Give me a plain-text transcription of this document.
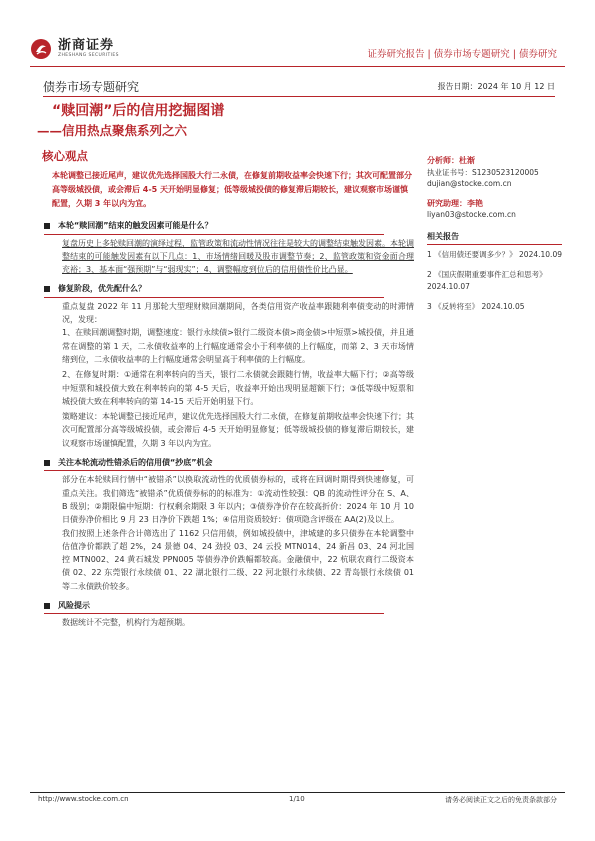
浙商证券
ZHESHANG SECURITIES	证券研究报告 | 债券市场专题研究 | 债券研究
债券市场专题研究	报告日期：2024 年 10 月 12 日
“赎回潮”后的信用挖掘图谱
——信用热点聚焦系列之六
核心观点
本轮调整已接近尾声，建议优先选择国股大行二永债，在修复前期收益率会快速下行；其次可配置部分高等级城投债，或会滞后 4-5 天开始明显修复；低等级城投债的修复滞后期较长，建议观察市场谨慎配置，久期 3 年以内为宜。
本轮“赎回潮”结束的触发因素可能是什么？
复盘历史上多轮赎回潮的演绎过程，监管政策和流动性情况往往是较大的调整结束触发因素。本轮调整结束的可能触发因素有以下几点：1、市场情绪回暖及股市调整节奏；2、监管政策和资金面合理充裕；3、基本面“强预期”与“弱现实”；4、调整幅度到位后的信用债性价比凸显。
修复阶段，优先配什么？
重点复盘 2022 年 11 月那轮大型理财赎回潮期间，各类信用资产收益率跟随利率债变动的时滞情况，发现：
1、在赎回潮调整时期，调整速度：银行永续债>银行二级资本债>商金债>中短票>城投债，并且通常在调整的第 1 天，二永债收益率的上行幅度通常会小于利率债的上行幅度，而第 2、3 天市场情绪到位，二永债收益率的上行幅度通常会明显高于利率债的上行幅度。
2、在修复时期：①通常在利率转向的当天，银行二永债就会跟随行情，收益率大幅下行；②高等级中短票和城投债大致在利率转向的第 4-5 天后，收益率开始出现明显超额下行；③低等级中短票和城投债大致在利率转向的第 14-15 天后开始明显下行。
策略建议：本轮调整已接近尾声，建议优先选择国股大行二永债，在修复前期收益率会快速下行；其次可配置部分高等级城投债，或会滞后 4-5 天开始明显修复；低等级城投债的修复滞后期较长，建议观察市场谨慎配置，久期 3 年以内为宜。
关注本轮流动性错杀后的信用债“抄底”机会
部分在本轮赎回行情中“被错杀”以换取流动性的优质债券标的，或将在回调时期得到快速修复，可重点关注。我们筛选“被错杀”优质债券标的的标准为：①流动性较强：QB 的流动性评分在 S、A、B 级别；②期限偏中短期：行权剩余期限 3 年以内；③债券净价存在较高折价：2024 年 10 月 10 日债券净价相比 9 月 23 日净价下跌超 1%；④信用资质较好：债项隐含评级在 AA(2)及以上。
我们按照上述条件合计筛选出了 1162 只信用债，例如城投债中，津城建的多只债券在本轮调整中估值净价都跌了超 2%，24 景德 04、24 劲投 03、24 云投 MTN014、24 新昌 03、24 河北国控 MTN002、24 黄石城发 PPN005 等债券净价跌幅都较高。金融债中，22 杭联农商行二级资本债 02、22 东莞银行永续债 01、22 湖北银行二级、22 河北银行永续债、22 青岛银行永续债 01 等二永债跌价较多。
风险提示
数据统计不完整，机构行为超预期。
分析师：杜渐
执业证书号：S1230523120005
dujian@stocke.com.cn
研究助理：李艳
liyan03@stocke.com.cn
相关报告
1 《信用债还要调多少？》 2024.10.09
2 《国庆假期重要事件汇总和思考》 2024.10.07
3 《反转将至》 2024.10.05
http://www.stocke.com.cn	1/10	请务必阅读正文之后的免责条款部分
